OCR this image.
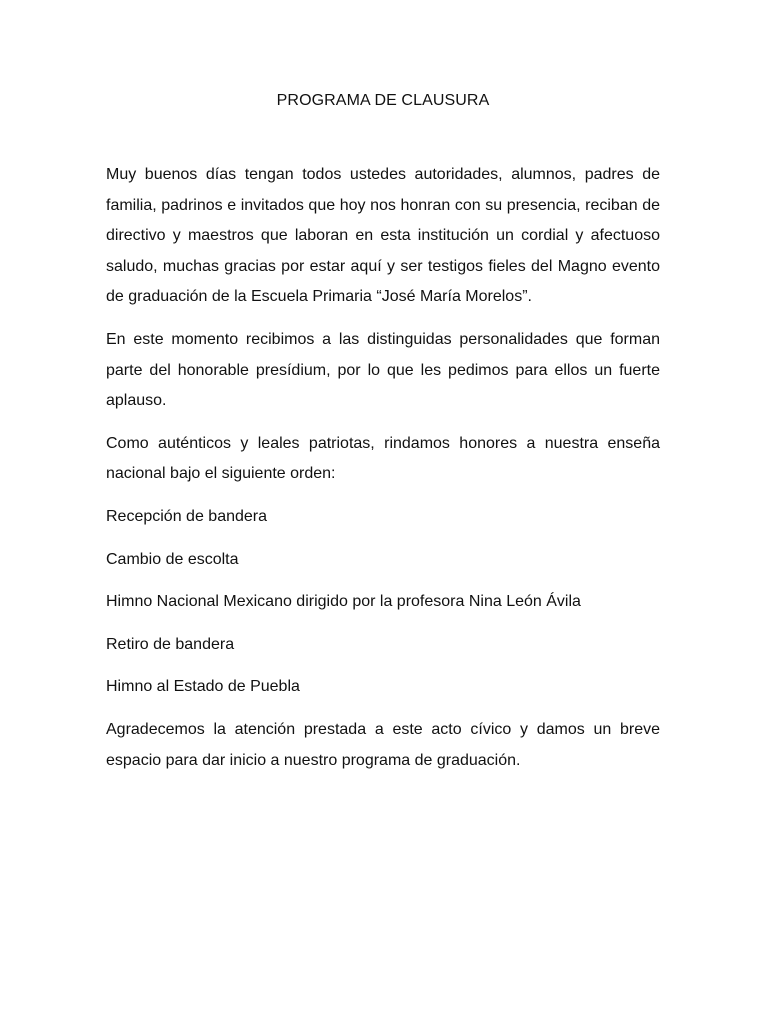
PROGRAMA DE CLAUSURA

Muy buenos días tengan todos ustedes autoridades, alumnos, padres de familia, padrinos e invitados que hoy nos honran con su presencia, reciban de directivo y maestros que laboran en esta institución un cordial y afectuoso saludo, muchas gracias por estar aquí y ser testigos fieles del Magno evento de graduación de la Escuela Primaria “José María Morelos”.

En este momento recibimos a las distinguidas personalidades que forman parte del honorable presídium, por lo que les pedimos para ellos un fuerte aplauso.

Como auténticos y leales patriotas, rindamos honores a nuestra enseña nacional bajo el siguiente orden:

Recepción de bandera

Cambio de escolta

Himno Nacional Mexicano dirigido por la profesora Nina León Ávila

Retiro de bandera

Himno al Estado de Puebla

Agradecemos la atención prestada a este acto cívico y damos un breve espacio para dar inicio a nuestro programa de graduación.
